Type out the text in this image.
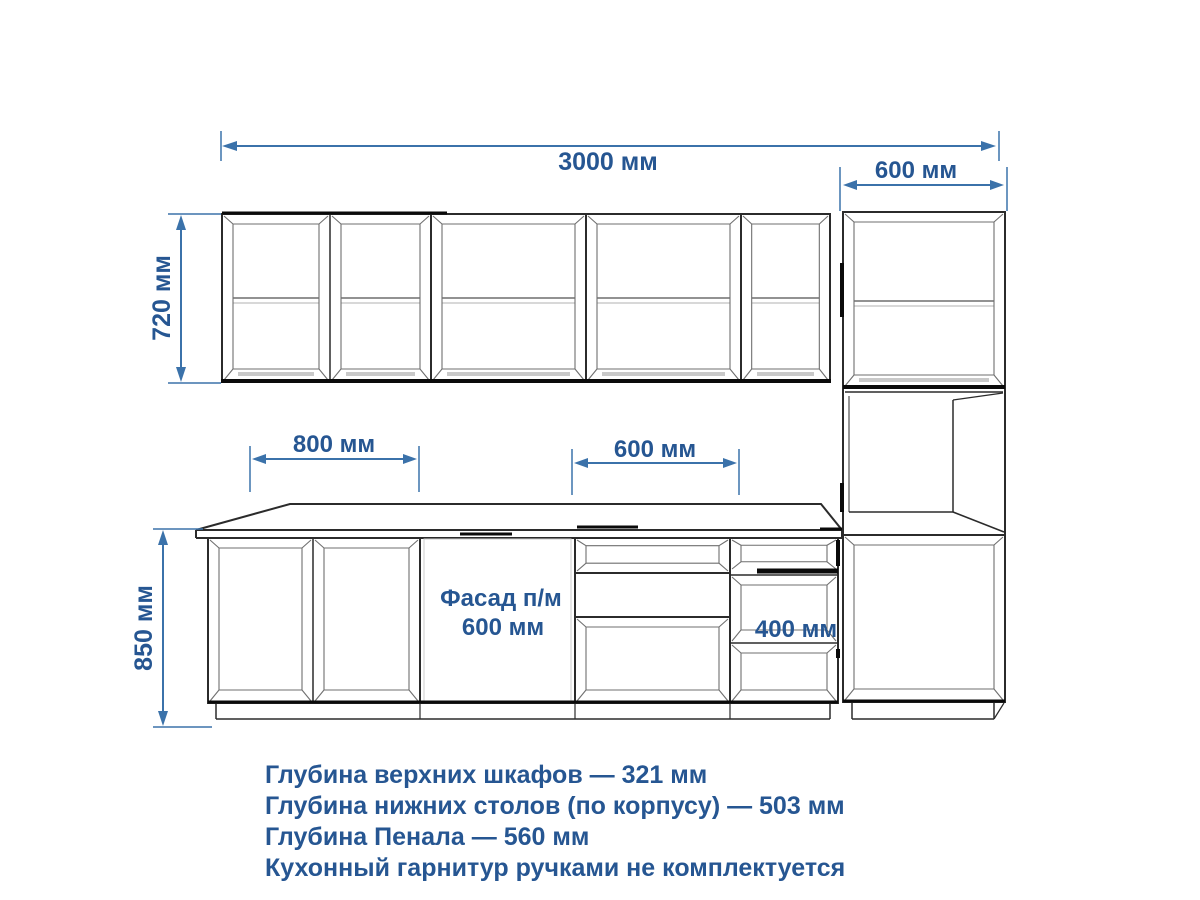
3000 мм	600 мм
720 мм
850 мм
800 мм	600 мм
400 мм
Фасад п/м
600 мм
Глубина верхних шкафов — 321 мм
Глубина нижних столов (по корпусу) — 503 мм
Глубина Пенала — 560 мм
Кухонный гарнитур ручками не комплектуется
